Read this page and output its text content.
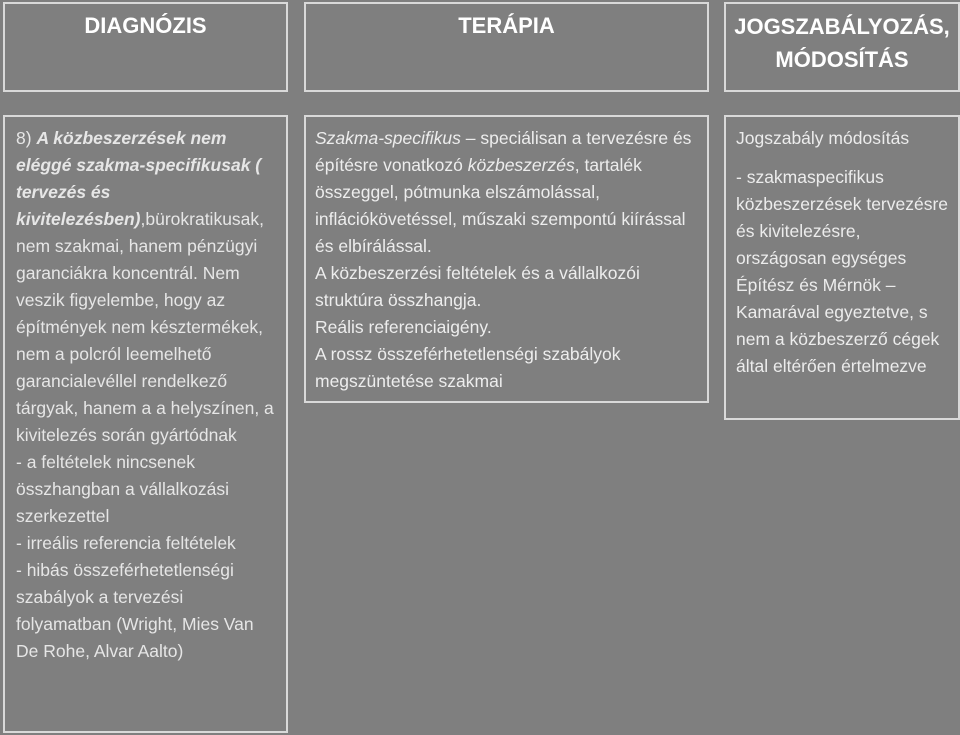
DIAGNÓZIS	TERÁPIA	JOGSZABÁLYOZÁS,
MÓDOSÍTÁS

8) A közbeszerzések nem eléggé szakma-specifikusak ( tervezés és kivitelezésben),bürokratikusak, nem szakmai, hanem pénzügyi garanciákra koncentrál. Nem veszik figyelembe, hogy az építmények nem késztermékek, nem a polcról leemelhető garancialevéllel rendelkező tárgyak, hanem a a helyszínen, a kivitelezés során gyártódnak

- a feltételek nincsenek összhangban a vállalkozási szerkezettel

- irreális referencia feltételek

- hibás összeférhetetlenségi szabályok a tervezési folyamatban (Wright, Mies Van De Rohe, Alvar Aalto)

Szakma-specifikus – speciálisan a tervezésre és építésre vonatkozó közbeszerzés, tartalék összeggel, pótmunka elszámolással, inflációkövetéssel, műszaki szempontú kiírással és elbírálással.

A közbeszerzési feltételek és a vállalkozói struktúra összhangja.

Reális referenciaigény.

A rossz összeférhetetlenségi szabályok megszüntetése szakmai

Jogszabály módosítás

- szakmaspecifikus közbeszerzések tervezésre és kivitelezésre, országosan egységes Építész és Mérnök – Kamarával egyeztetve, s nem a közbeszerző cégek által eltérően értelmezve
